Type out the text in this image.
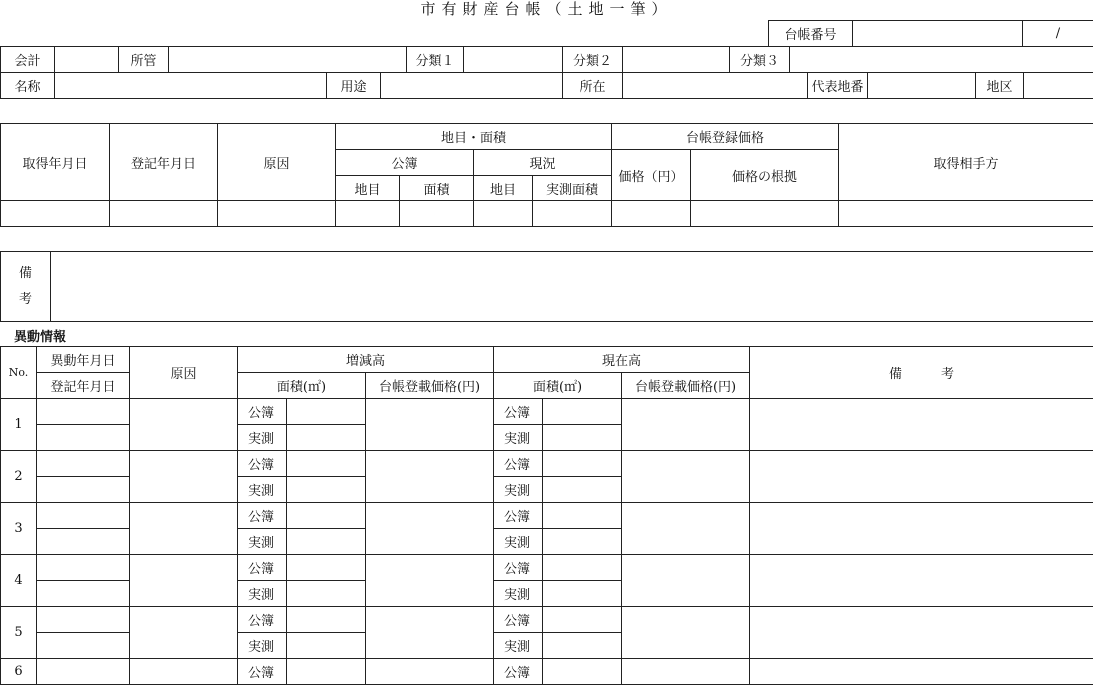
市有財産台帳（土地一筆）
台帳番号		/
会計		所管				分類１		分類２		分類３					
名称				用途				所在				代表地番		地区	
取得年月日	登記年月日	原因	地目・面積				台帳登録価格		取得相手方
			公簿		現況		価格（円）	価格の根拠	
			地目	面積	地目	実測面積			

備
考

異動情報
No.	異動年月日	原因	増減高			現在高			備　　　考
	登記年月日		面積(㎡)		台帳登載価格(円)	面積(㎡)		台帳登載価格(円)	
1			公簿			公簿			
			実測			実測			
2			公簿			公簿			
			実測			実測			
3			公簿			公簿			
			実測			実測			
4			公簿			公簿			
			実測			実測			
5			公簿			公簿			
			実測			実測			
6			公簿			公簿			
